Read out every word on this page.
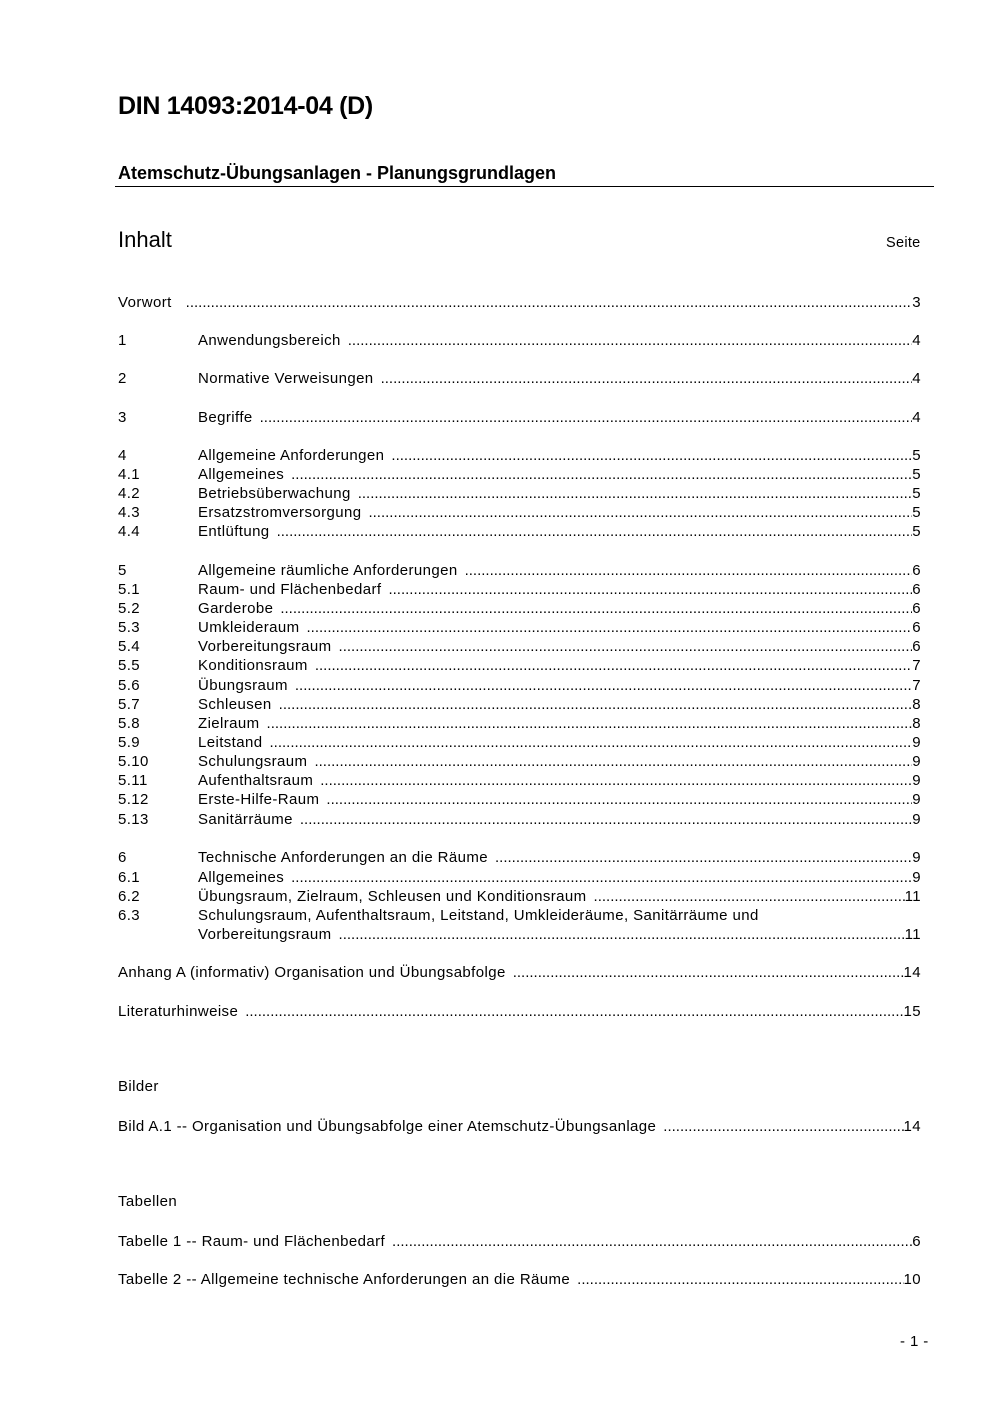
DIN 14093:2014-04 (D)
Atemschutz-Übungsanlagen - Planungsgrundlagen
Inhalt	Seite
Vorwort .....	3
1	Anwendungsbereich .....	4
2	Normative Verweisungen .....	4
3	Begriffe .....	4
4	Allgemeine Anforderungen .....	5
4.1	Allgemeines .....	5
4.2	Betriebsüberwachung .....	5
4.3	Ersatzstromversorgung .....	5
4.4	Entlüftung .....	5
5	Allgemeine räumliche Anforderungen .....	6
5.1	Raum- und Flächenbedarf .....	6
5.2	Garderobe .....	6
5.3	Umkleideraum .....	6
5.4	Vorbereitungsraum .....	6
5.5	Konditionsraum .....	7
5.6	Übungsraum .....	7
5.7	Schleusen .....	8
5.8	Zielraum .....	8
5.9	Leitstand .....	9
5.10	Schulungsraum .....	9
5.11	Aufenthaltsraum .....	9
5.12	Erste-Hilfe-Raum .....	9
5.13	Sanitärräume .....	9
6	Technische Anforderungen an die Räume .....	9
6.1	Allgemeines .....	9
6.2	Übungsraum, Zielraum, Schleusen und Konditionsraum .....	11
6.3	Schulungsraum, Aufenthaltsraum, Leitstand, Umkleideräume, Sanitärräume und
Vorbereitungsraum .....	11
Anhang A (informativ) Organisation und Übungsabfolge .....	14
Literaturhinweise .....	15
Bilder
Bild A.1 -- Organisation und Übungsabfolge einer Atemschutz-Übungsanlage .....	14
Tabellen
Tabelle 1 -- Raum- und Flächenbedarf .....	6
Tabelle 2 -- Allgemeine technische Anforderungen an die Räume .....	10
- 1 -
